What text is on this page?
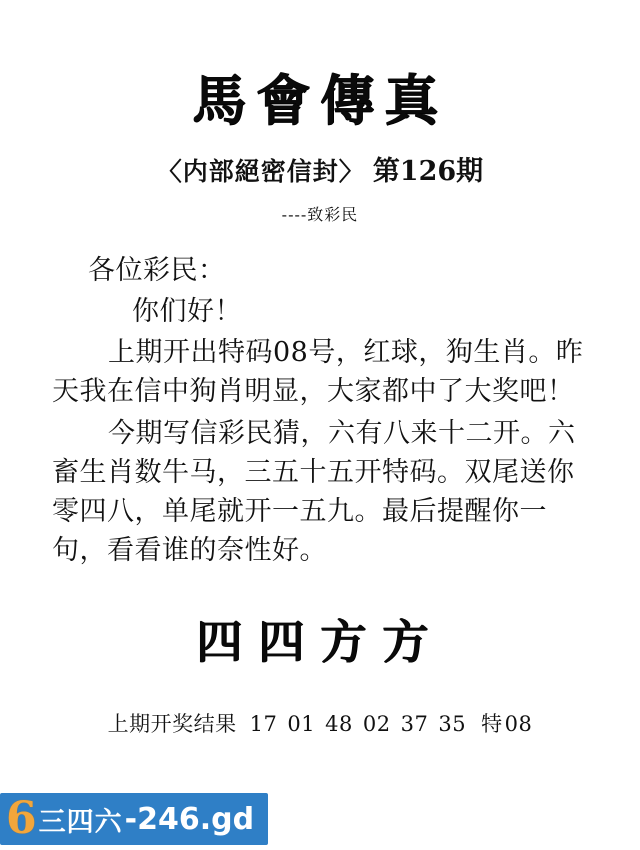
馬會傳真
〈内部絕密信封〉 第126期
----致彩民

各位彩民：

你们好！

上期开出特码08号，红球，狗生肖。昨天我在信中狗肖明显，大家都中了大奖吧！

今期写信彩民猜，六有八来十二开。六畜生肖数牛马，三五十五开特码。双尾送你零四八，单尾就开一五九。最后提醒你一句，看看谁的奈性好。

四四方方
上期开奖结果 17 01 48 02 37 35 特08
6 三四六 - 246.gd
